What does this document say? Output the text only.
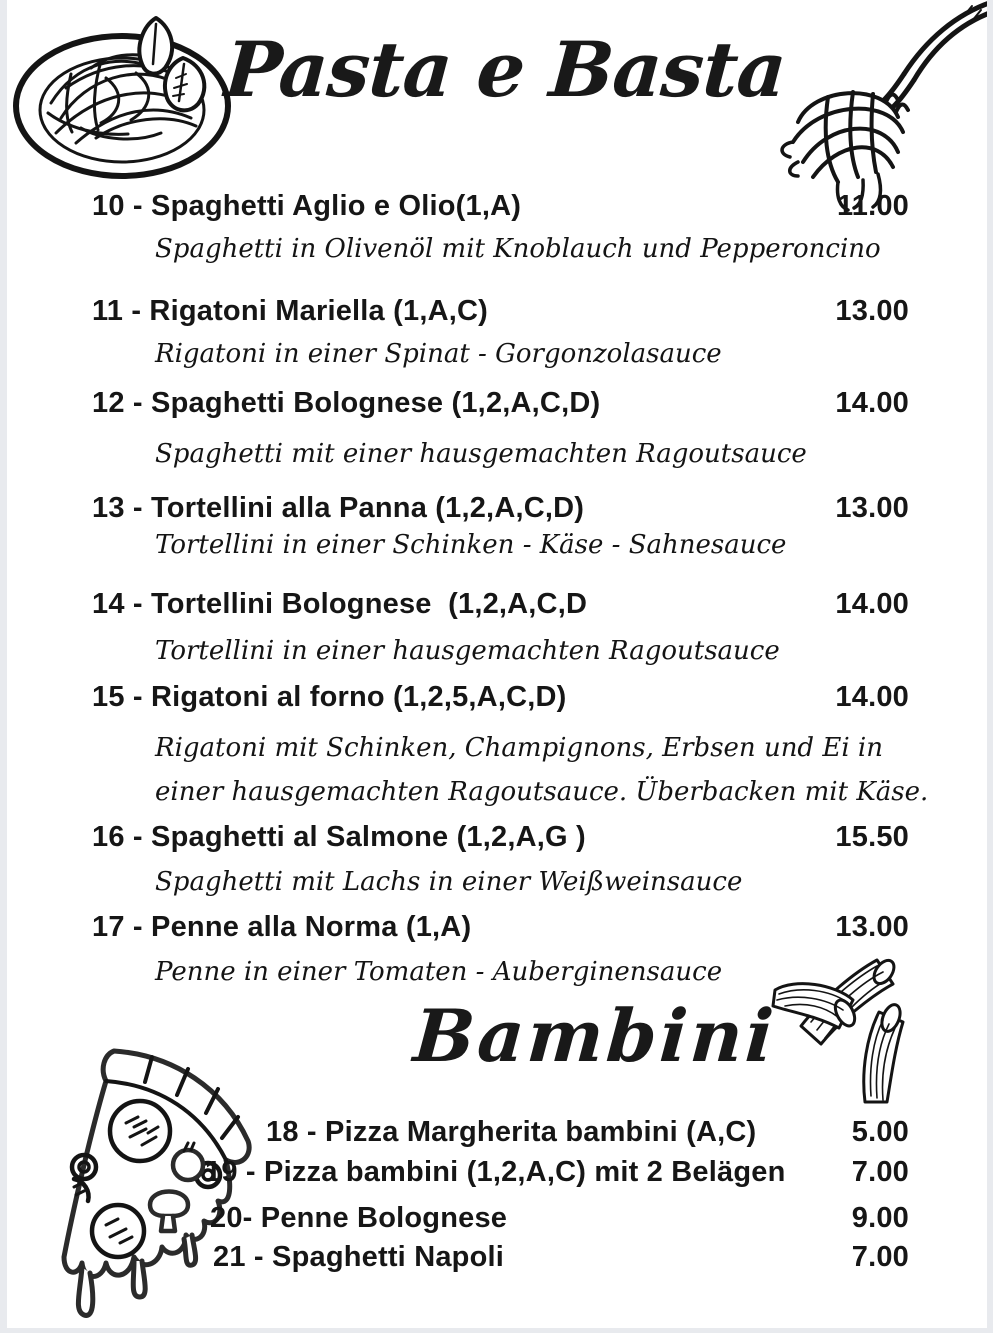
Pasta e Basta
Bambini
10 - Spaghetti Aglio e Olio(1,A)	11.00
Spaghetti in Olivenöl mit Knoblauch und Pepperoncino
11 - Rigatoni Mariella (1,A,C)	13.00
Rigatoni in einer Spinat - Gorgonzolasauce
12 - Spaghetti Bolognese (1,2,A,C,D)	14.00
Spaghetti mit einer hausgemachten Ragoutsauce
13 - Tortellini alla Panna (1,2,A,C,D)	13.00
Tortellini in einer Schinken - Käse - Sahnesauce
14 - Tortellini Bolognese  (1,2,A,C,D	14.00
Tortellini in einer hausgemachten Ragoutsauce
15 - Rigatoni al forno (1,2,5,A,C,D)	14.00
Rigatoni mit Schinken, Champignons, Erbsen und Ei in
einer hausgemachten Ragoutsauce. Überbacken mit Käse.
16 - Spaghetti al Salmone (1,2,A,G )	15.50
Spaghetti mit Lachs in einer Weißweinsauce
17 - Penne alla Norma (1,A)	13.00
Penne in einer Tomaten - Auberginensauce
18 - Pizza Margherita bambini (A,C)	5.00
19 - Pizza bambini (1,2,A,C) mit 2 Belägen 7.00
20- Penne Bolognese	9.00
21 - Spaghetti Napoli	7.00
